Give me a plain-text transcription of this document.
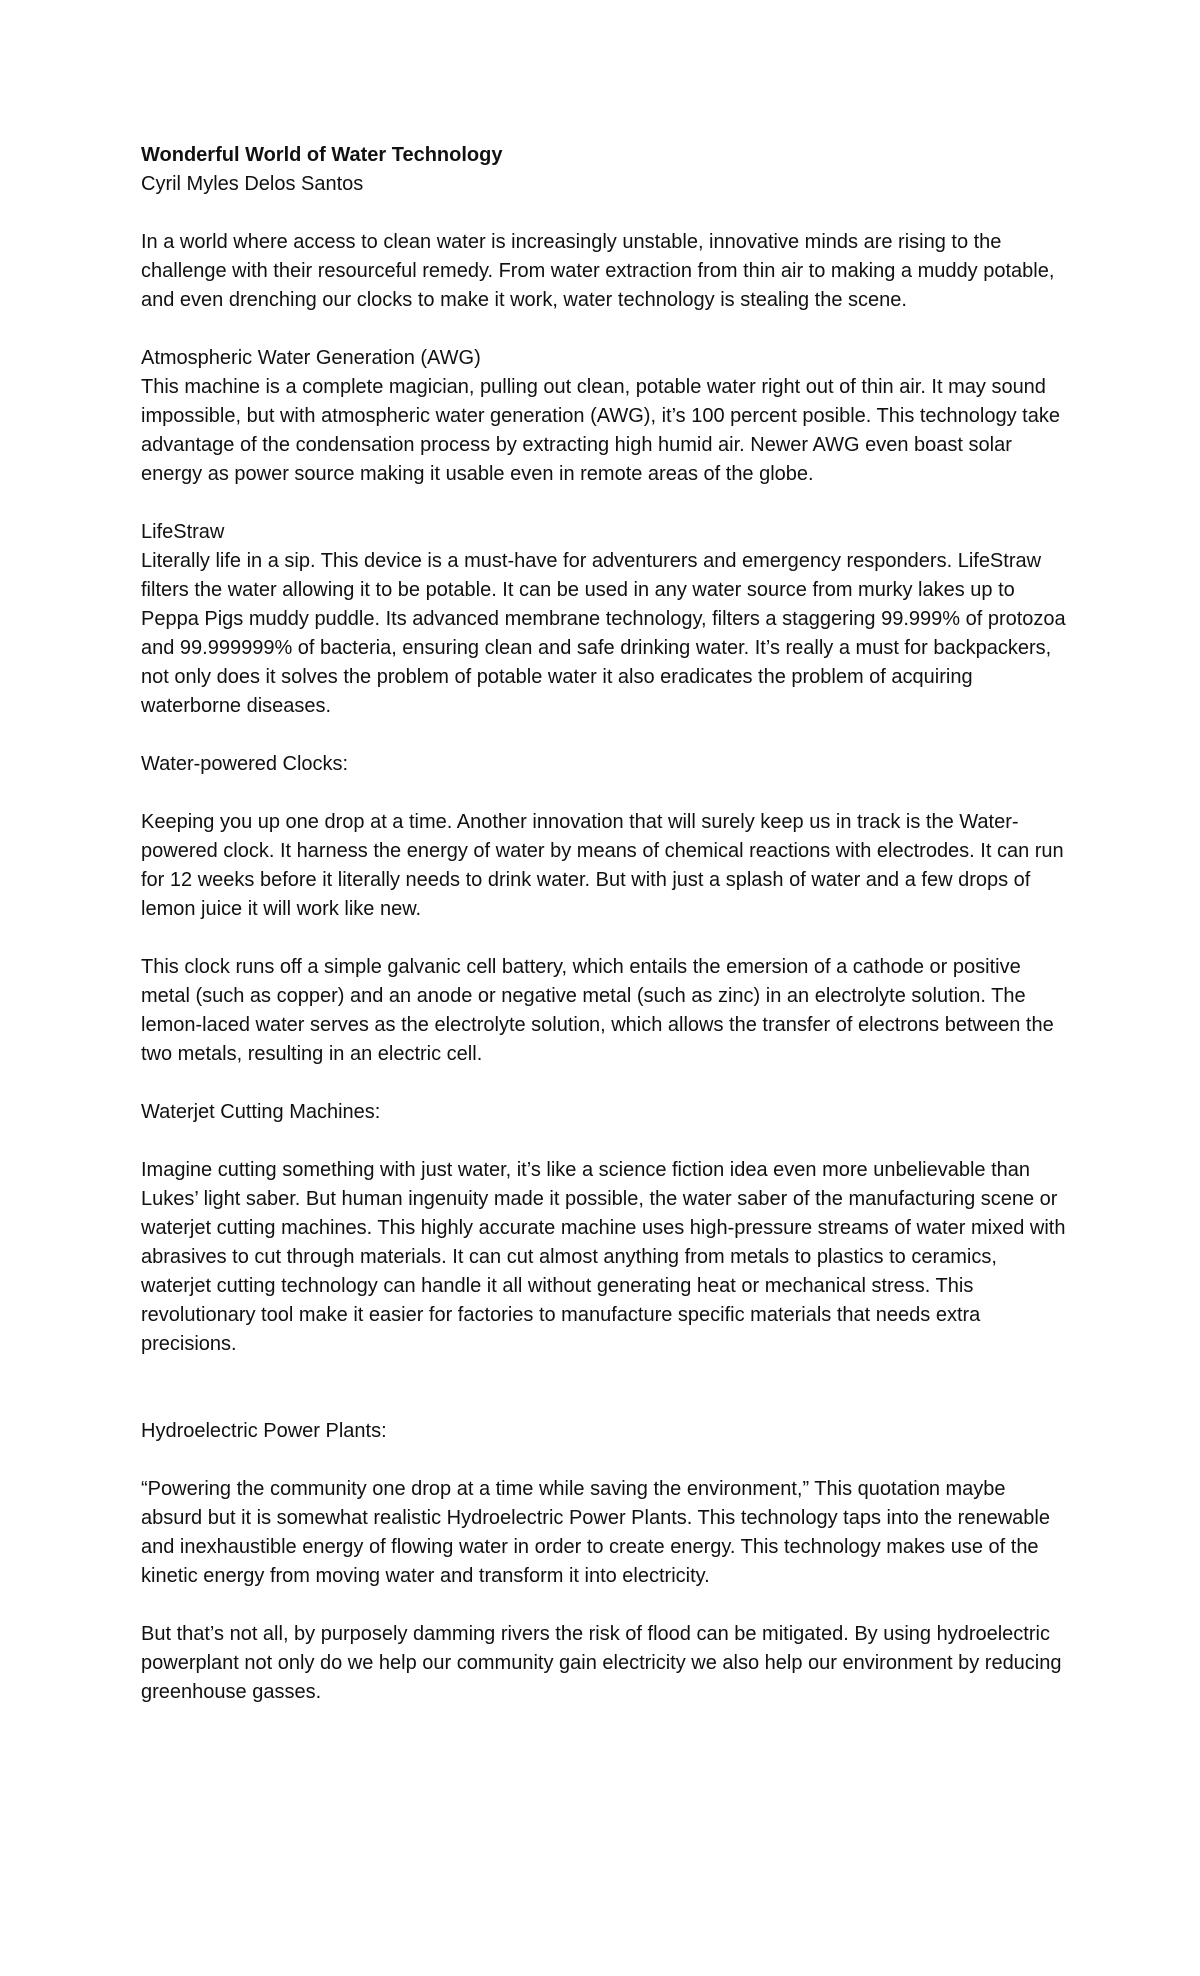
Wonderful World of Water Technology

Cyril Myles Delos Santos

In a world where access to clean water is increasingly unstable, innovative minds are rising to the challenge with their resourceful remedy. From water extraction from thin air to making a muddy potable, and even drenching our clocks to make it work, water technology is stealing the scene.

Atmospheric Water Generation (AWG)

This machine is a complete magician, pulling out clean, potable water right out of thin air. It may sound impossible, but with atmospheric water generation (AWG), it’s 100 percent posible. This technology take advantage of the condensation process by extracting high humid air. Newer AWG even boast solar energy as power source making it usable even in remote areas of the globe.

LifeStraw

Literally life in a sip. This device is a must-have for adventurers and emergency responders. LifeStraw filters the water allowing it to be potable. It can be used in any water source from murky lakes up to Peppa Pigs muddy puddle. Its advanced membrane technology, filters a staggering 99.999% of protozoa and 99.999999% of bacteria, ensuring clean and safe drinking water. It’s really a must for backpackers, not only does it solves the problem of potable water it also eradicates the problem of acquiring waterborne diseases.

Water-powered Clocks:

Keeping you up one drop at a time. Another innovation that will surely keep us in track is the Water-powered clock. It harness the energy of water by means of chemical reactions with electrodes. It can run for 12 weeks before it literally needs to drink water. But with just a splash of water and a few drops of lemon juice it will work like new.

This clock runs off a simple galvanic cell battery, which entails the emersion of a cathode or positive metal (such as copper) and an anode or negative metal (such as zinc) in an electrolyte solution. The lemon-laced water serves as the electrolyte solution, which allows the transfer of electrons between the two metals, resulting in an electric cell.

Waterjet Cutting Machines:

Imagine cutting something with just water, it’s like a science fiction idea even more unbelievable than Lukes’ light saber. But human ingenuity made it possible, the water saber of the manufacturing scene or waterjet cutting machines. This highly accurate machine uses high-pressure streams of water mixed with abrasives to cut through materials. It can cut almost anything from metals to plastics to ceramics, waterjet cutting technology can handle it all without generating heat or mechanical stress. This revolutionary tool make it easier for factories to manufacture specific materials that needs extra precisions.

Hydroelectric Power Plants:

“Powering the community one drop at a time while saving the environment,” This quotation maybe absurd but it is somewhat realistic Hydroelectric Power Plants. This technology taps into the renewable and inexhaustible energy of flowing water in order to create energy. This technology makes use of the kinetic energy from moving water and transform it into electricity.

But that’s not all, by purposely damming rivers the risk of flood can be mitigated. By using hydroelectric powerplant not only do we help our community gain electricity we also help our environment by reducing greenhouse gasses.
